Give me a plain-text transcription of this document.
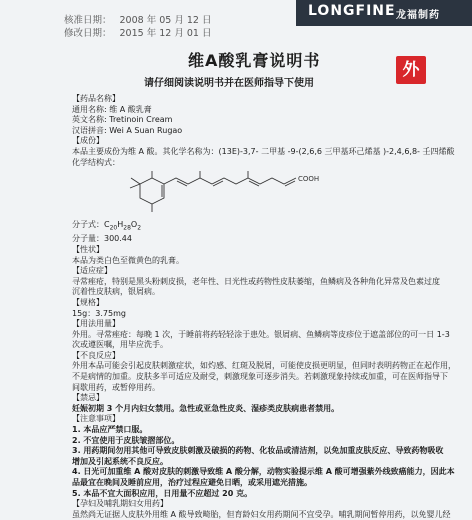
核准日期： 2008 年 05 月 12 日
修改日期： 2015 年 12 月 01 日
LONGFINE 龙福制药
维A酸乳膏说明书	外
请仔细阅读说明书并在医师指导下使用
【药品名称】
通用名称: 维 A 酸乳膏
英文名称: Tretinoin Cream
汉语拼音: Wei A Suan Rugao
【成份】
本品主要成份为维 A 酸。其化学名称为：(13E)-3,7- 二甲基 -9-(2,6,6 三甲基环己烯基 )-2,4,6,8- 壬四烯酸
化学结构式：
COOH
分子式：$C_{20}H_{28}O_2$
分子量：300.44
【性状】
本品为类白色至微黄色的乳膏。
【适应症】
寻常痤疮，特别是黑头粉刺皮损，老年性、日光性或药物性皮肤萎缩，鱼鳞病及各种角化异常及色素过度
沉着性皮肤病，银屑病。
【规格】
15g：3.75mg
【用法用量】
外用。寻常痤疮：每晚 1 次，于睡前将药轻轻涂于患处。银屑病、鱼鳞病等皮疹位于遮盖部位的可一日 1-3
次或遵医嘱，用毕应洗手。
【不良反应】
外用本品可能会引起皮肤刺激症状，如灼感、红斑及脱屑，可能使皮损更明显，但同时表明药物正在起作用，
不是病情的加重。皮肤多半可适应及耐受，刺激现象可逐步消失。若刺激现象持续或加重，可在医师指导下
间歇用药，或暂停用药。
【禁忌】
妊娠初期 3 个月内妇女禁用。急性或亚急性皮炎、湿疹类皮肤病患者禁用。
【注意事项】
1. 本品应严禁口服。
2. 不宜使用于皮肤皱摺部位。
3. 用药期间勿用其他可导致皮肤刺激及破损的药物、化妆品或清洁剂，以免加重皮肤反应、导致药物吸收
增加及引起系统不良反应。
4. 日光可加重维 A 酸对皮肤的刺激导致维 A 酸分解，动物实验提示维 A 酸可增强紫外线致癌能力，因此本
品最宜在晚间及睡前应用，治疗过程应避免日晒，或采用遮光措施。
5. 本品不宜大面积应用，日用量不应超过 20 克。
【孕妇及哺乳期妇女用药】
虽然尚无证据人皮肤外用维 A 酸导致畸胎，但育龄妇女用药期间不宜受孕。哺乳期间暂停用药，以免婴儿经
